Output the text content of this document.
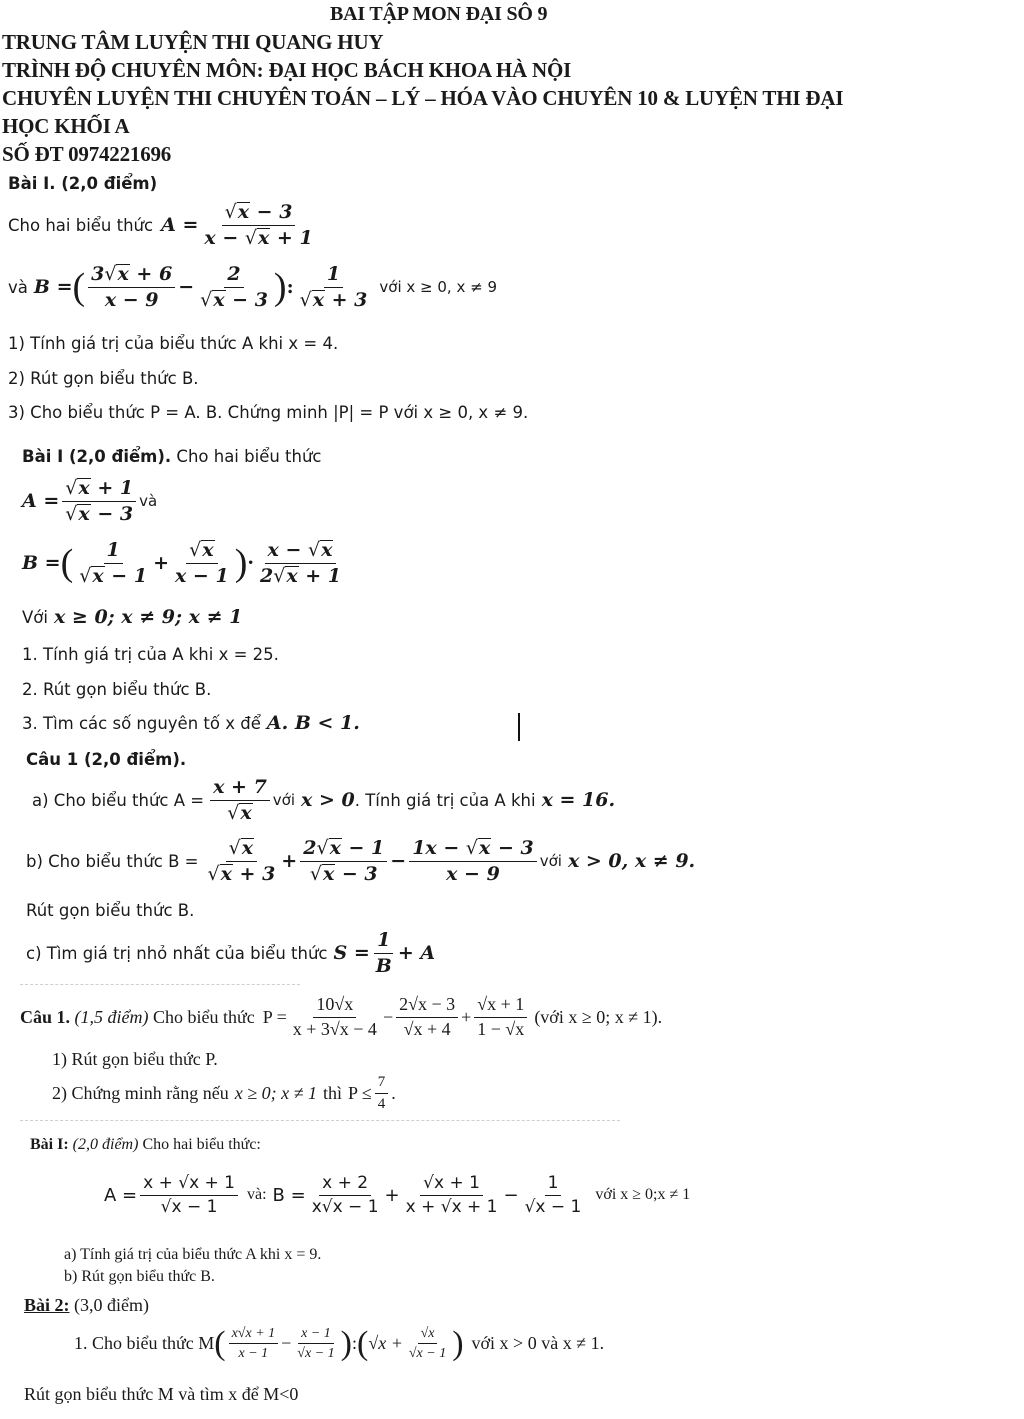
BAI TẬP MON ĐẠI SÔ 9
TRUNG TÂM LUYỆN THI QUANG HUY
TRÌNH ĐỘ CHUYÊN MÔN: ĐẠI HỌC BÁCH KHOA HÀ NỘI
CHUYÊN LUYỆN THI CHUYÊN TOÁN – LÝ – HÓA VÀO CHUYÊN 10 & LUYỆN THI ĐẠI
HỌC KHỐI A
SỐ ĐT 0974221696
Bài I. (2,0 điểm)
Cho hai biểu thức $A = \frac{√x - 3}{x - √x + 1}$
và B = ( $\frac{3√x + 6}{x - 9} - \frac{2}{√x - 3}$ ) : $\frac{1}{√x + 3}$ với x ≥ 0, x ≠ 9
1) Tính giá trị của biểu thức A khi x = 4.
2) Rút gọn biểu thức B.
3) Cho biểu thức P = A. B. Chứng minh |P| = P với x ≥ 0, x ≠ 9.
Bài I (2,0 điểm). Cho hai biểu thức
$A = \frac{√x + 1}{√x - 3}$ và
B = ( $\frac{1}{√x - 1} + \frac{√x}{x - 1}$ ) · $\frac{x - √x}{2√x + 1}$
Với x ≥ 0; x ≠ 9; x ≠ 1
1. Tính giá trị của A khi x = 25.
2. Rút gọn biểu thức B.
3. Tìm các số nguyên tố x để A. B < 1.
Câu 1 (2,0 điểm).
a) Cho biểu thức $A = \frac{x + 7}{√x}$ với x > 0 . Tính giá trị của A khi x = 16.
b) Cho biểu thức $B = \frac{√x}{√x + 3} + \frac{2√x - 1}{√x - 3} - \frac{1x - √x - 3}{x - 9}$ với x > 0, x ≠ 9.
Rút gọn biểu thức B.
c) Tìm giá trị nhỏ nhất của biểu thức $S = \frac{1}{B} + A$
Câu 1. (1,5 điểm) Cho biểu thức $P = \frac{10√x}{x + 3√x - 4} - \frac{2√x - 3}{√x + 4} + \frac{√x + 1}{1 - √x}$ (với x ≥ 0; x ≠ 1).
1) Rút gọn biểu thức P.
2) Chứng minh rằng nếu x ≥ 0; x ≠ 1 thì $P \le \frac{7}{4}$ .
Bài I: (2,0 điểm) Cho hai biểu thức:
$A = \frac{x + √x + 1}{√x - 1}$ và: $B = \frac{x + 2}{x√x - 1} + \frac{√x + 1}{x + √x + 1} - \frac{1}{√x - 1}$ với x ≥ 0;x ≠ 1
a) Tính giá trị của biểu thức A khi x = 9.
b) Rút gọn biểu thức B.
Bài 2: (3,0 điểm)
1. Cho biểu thức M ( $\frac{x√x + 1}{x - 1} - \frac{x - 1}{√x - 1}$ ) : ( $√x + \frac{√x}{√x - 1}$ ) với x > 0 và x ≠ 1.
Rút gọn biểu thức M và tìm x để M<0
